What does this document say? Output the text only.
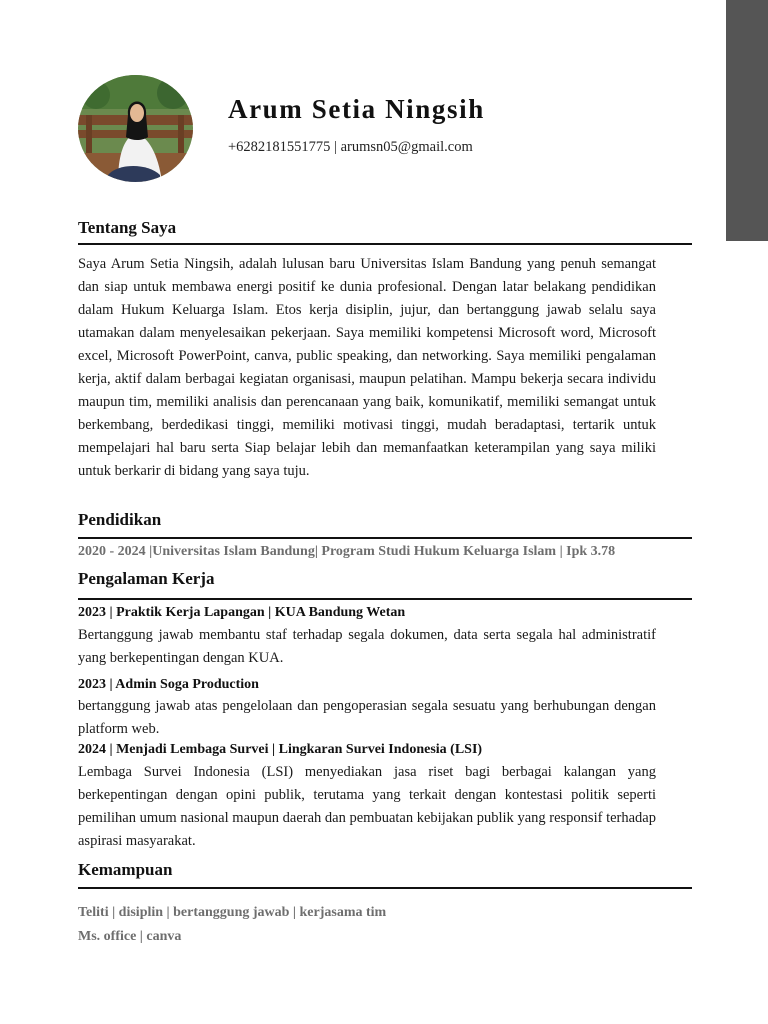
Arum Setia Ningsih
+6282181551775 | arumsn05@gmail.com
Tentang Saya

Saya Arum Setia Ningsih, adalah lulusan baru Universitas Islam Bandung yang penuh semangat dan siap untuk membawa energi positif ke dunia profesional. Dengan latar belakang pendidikan dalam Hukum Keluarga Islam. Etos kerja disiplin, jujur, dan bertanggung jawab selalu saya utamakan dalam menyelesaikan pekerjaan. Saya memiliki kompetensi Microsoft word, Microsoft excel, Microsoft PowerPoint, canva, public speaking, dan networking. Saya memiliki pengalaman kerja, aktif dalam berbagai kegiatan organisasi, maupun pelatihan. Mampu bekerja secara individu maupun tim, memiliki analisis dan perencanaan yang baik, komunikatif, memiliki semangat untuk berkembang, berdedikasi tinggi, memiliki motivasi tinggi, mudah beradaptasi, tertarik untuk mempelajari hal baru serta Siap belajar lebih dan memanfaatkan keterampilan yang saya miliki untuk berkarir di bidang yang saya tuju.

Pendidikan

2020 - 2024 |Universitas Islam Bandung| Program Studi Hukum Keluarga Islam | Ipk 3.78

Pengalaman Kerja

2023 | Praktik Kerja Lapangan | KUA Bandung Wetan

Bertanggung jawab membantu staf terhadap segala dokumen, data serta segala hal administratif yang berkepentingan dengan KUA.

2023 | Admin Soga Production

bertanggung jawab atas pengelolaan dan pengoperasian segala sesuatu yang berhubungan dengan platform web.

2024 | Menjadi Lembaga Survei | Lingkaran Survei Indonesia (LSI)

Lembaga Survei Indonesia (LSI) menyediakan jasa riset bagi berbagai kalangan yang berkepentingan dengan opini publik, terutama yang terkait dengan kontestasi politik seperti pemilihan umum nasional maupun daerah dan pembuatan kebijakan publik yang responsif terhadap aspirasi masyarakat.

Kemampuan

Teliti | disiplin | bertanggung jawab | kerjasama tim

Ms. office | canva
